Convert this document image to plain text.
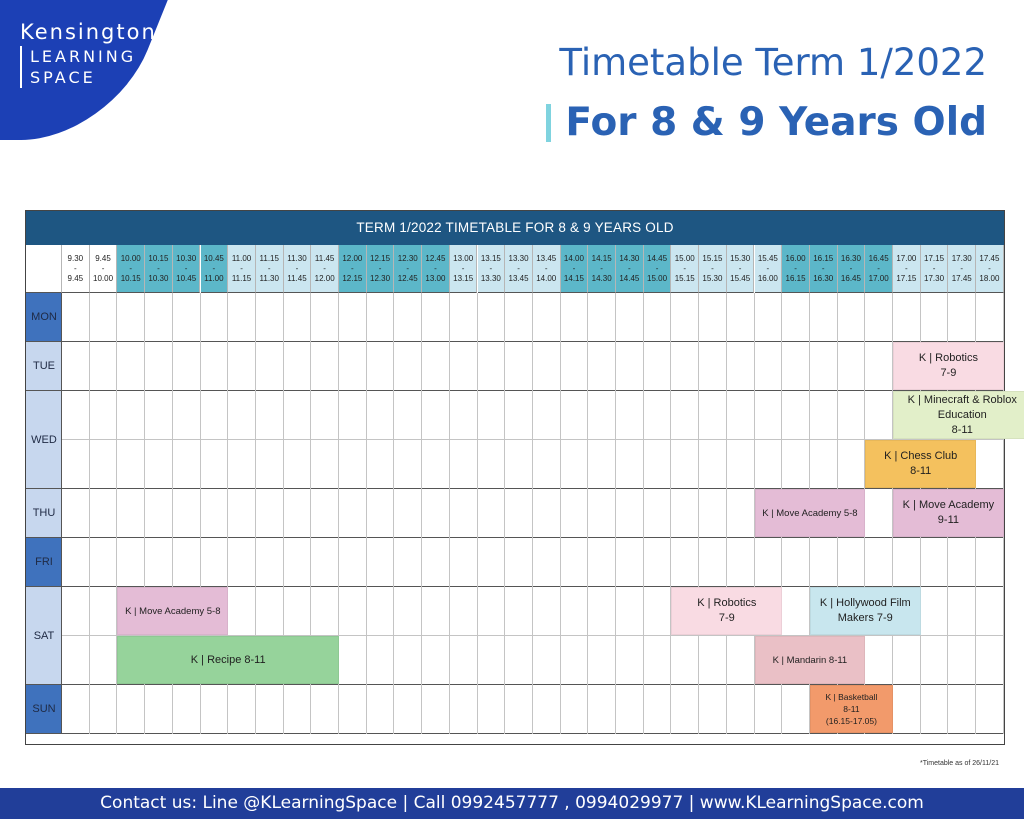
Kensington
LEARNING
SPACE	Timetable Term 1/2022
For 8 & 9 Years Old
TERM 1/2022 TIMETABLE FOR 8 & 9 YEARS OLD
9.30
-
9.45
9.45
-
10.00
10.00
-
10.15
10.15
-
10.30
10.30
-
10.45
10.45
-
11.00
11.00
-
11.15
11.15
-
11.30
11.30
-
11.45
11.45
-
12.00
12.00
-
12.15
12.15
-
12.30
12.30
-
12.45
12.45
-
13.00
13.00
-
13.15
13.15
-
13.30
13.30
-
13.45
13.45
-
14.00
14.00
-
14.15
14.15
-
14.30
14.30
-
14.45
14.45
-
15.00
15.00
-
15.15
15.15
-
15.30
15.30
-
15.45
15.45
-
16.00
16.00
-
16.15
16.15
-
16.30
16.30
-
16.45
16.45
-
17.00
17.00
-
17.15
17.15
-
17.30
17.30
-
17.45
17.45
-
18.00
MON
TUE
WED
THU
FRI
SAT
SUN
K | Robotics
7-9
K | Minecraft & Roblox
Education
8-11
K | Chess Club
8-11
K | Move Academy 5-8
K | Move Academy
9-11
K | Move Academy 5-8
K | Robotics
7-9
K | Hollywood Film
Makers 7-9
K | Recipe 8-11	K | Mandarin 8-11
K | Basketball
8-11
(16.15-17.05)
*Timetable as of 26/11/21
Contact us: Line @KLearningSpace | Call 0992457777 , 0994029977 | www.KLearningSpace.com
